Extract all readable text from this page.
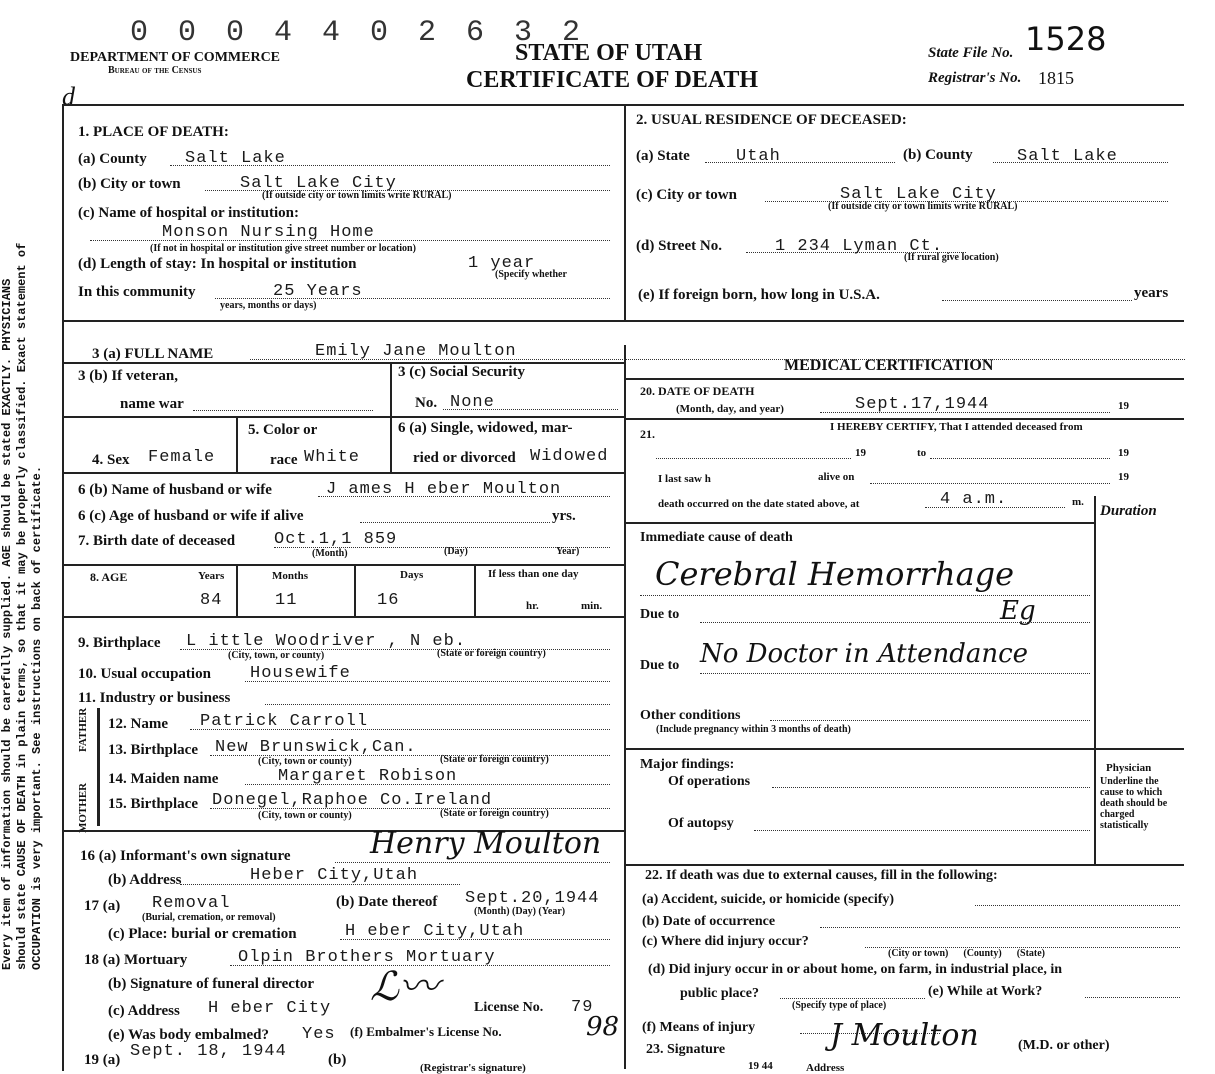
0 0 0 4 4 0 2 6 3 2
DEPARTMENT OF COMMERCE
Bureau of the Census
STATE OF UTAH
CERTIFICATE OF DEATH
State File No. 1528
Registrar's No. 1815
d
Every item of information should be carefully supplied. AGE should be stated EXACTLY. PHYSICIANS should state CAUSE OF DEATH in plain terms, so that it may be properly classified. Exact statement of OCCUPATION is very important. See instructions on back of certificate.
1. PLACE OF DEATH:
(a) County Salt Lake
(b) City or town	Salt Lake City
(If outside city or town limits write RURAL)
(c) Name of hospital or institution:
Monson Nursing Home
(If not in hospital or institution give street number or location)
(d) Length of stay: In hospital or institution	1 year
(Specify whether
In this community	25 Years
years, months or days)
2. USUAL RESIDENCE OF DECEASED:
(a) State	Utah	(b) County	Salt Lake
(c) City or town	Salt Lake City
(If outside city or town limits write RURAL)
(d) Street No.	1 234 Lyman Ct.
(If rural give location)
(e) If foreign born, how long in U.S.A.	years
3 (a) FULL NAME	Emily Jane Moulton
3 (b) If veteran,
name war
3 (c) Social Security
No. None
5. Color or	6 (a) Single, widowed, mar-
4. Sex Female	race White	ried or divorced Widowed
6 (b) Name of husband or wife	J ames H eber Moulton
6 (c) Age of husband or wife if alive	yrs.
7. Birth date of deceased Oct.1,1 859
(Month)	(Day)	Year)
8. AGE	Years	Months	Days	If less than one day
84	11	16	hr.	min.
9. Birthplace L ittle Woodriver , N eb.
(City, town, or county)	(State or foreign country)
10. Usual occupation Housewife
11. Industry or business
FATHER
MOTHER
12. Name Patrick Carroll
13. Birthplace New Brunswick,Can.
(City, town or county)	(State or foreign country)
14. Maiden name	Margaret Robison
15. Birthplace Donegel,Raphoe Co.Ireland
(City, town or county)	(State or foreign country)
16 (a) Informant's own signature	Henry Moulton
(b) Address	Heber City,Utah
17 (a) Removal
(Burial, cremation, or removal)
(b) Date thereof Sept.20,1944
(Month) (Day) (Year)
(c) Place: burial or cremation	H eber City,Utah
18 (a) Mortuary	Olpin Brothers Mortuary
(b) Signature of funeral director ℒ〰
(c) Address H eber City	License No. 79
(e) Was body embalmed? Yes (f) Embalmer's License No.	98
19 (a) Sept. 18, 1944	(b)	(Registrar's signature)
MEDICAL CERTIFICATION
20. DATE OF DEATH
(Month, day, and year)	Sept.17,1944	19
21.	I HEREBY CERTIFY, That I attended deceased from
19	to	19
I last saw h	alive on	19
death occurred on the date stated above, at	4 a.m.	m.
Duration
Immediate cause of death
Cerebral Hemorrhage
Due to	Eg
Due to No Doctor in Attendance
Other conditions
(Include pregnancy within 3 months of death)
Major findings:
Of operations
Of autopsy
Physician
Underline the cause to which death should be charged statistically
22. If death was due to external causes, fill in the following:
(a) Accident, suicide, or homicide (specify)
(b) Date of occurrence
(c) Where did injury occur?
(City or town)      (County)      (State)
(d) Did injury occur in or about home, on farm, in industrial place, in
public place?
(Specify type of place)
(e) While at Work?
(f) Means of injury
23. Signature	J Moulton	(M.D. or other)
19 44	Address
